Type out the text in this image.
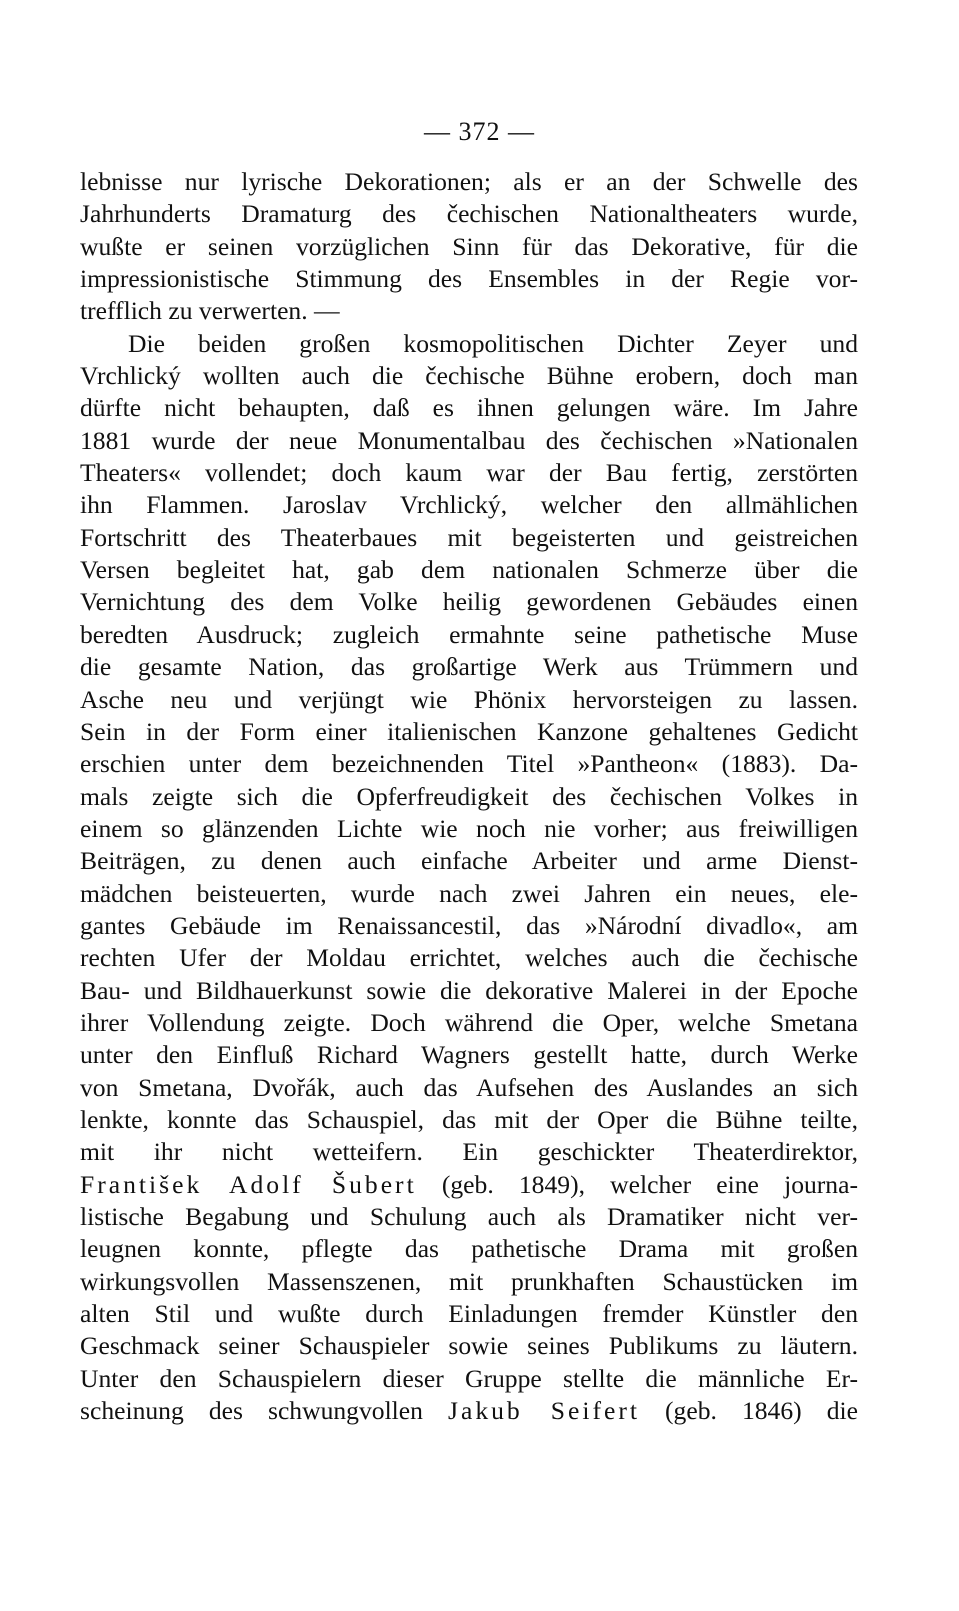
— 372 —
lebnisse nur lyrische Dekorationen; als er an der Schwelle des
Jahrhunderts Dramaturg des čechischen Nationaltheaters wurde,
wußte er seinen vorzüglichen Sinn für das Dekorative, für die
impressionistische Stimmung des Ensembles in der Regie vor-
trefflich zu verwerten. —
Die beiden großen kosmopolitischen Dichter Zeyer und
Vrchlický wollten auch die čechische Bühne erobern, doch man
dürfte nicht behaupten, daß es ihnen gelungen wäre. Im Jahre
1881 wurde der neue Monumentalbau des čechischen »Nationalen
Theaters« vollendet; doch kaum war der Bau fertig, zerstörten
ihn Flammen. Jaroslav Vrchlický, welcher den allmählichen
Fortschritt des Theaterbaues mit begeisterten und geistreichen
Versen begleitet hat, gab dem nationalen Schmerze über die
Vernichtung des dem Volke heilig gewordenen Gebäudes einen
beredten Ausdruck; zugleich ermahnte seine pathetische Muse
die gesamte Nation, das großartige Werk aus Trümmern und
Asche neu und verjüngt wie Phönix hervorsteigen zu lassen.
Sein in der Form einer italienischen Kanzone gehaltenes Gedicht
erschien unter dem bezeichnenden Titel »Pantheon« (1883). Da-
mals zeigte sich die Opferfreudigkeit des čechischen Volkes in
einem so glänzenden Lichte wie noch nie vorher; aus freiwilligen
Beiträgen, zu denen auch einfache Arbeiter und arme Dienst-
mädchen beisteuerten, wurde nach zwei Jahren ein neues, ele-
gantes Gebäude im Renaissancestil, das »Národní divadlo«, am
rechten Ufer der Moldau errichtet, welches auch die čechische
Bau- und Bildhauerkunst sowie die dekorative Malerei in der Epoche
ihrer Vollendung zeigte. Doch während die Oper, welche Smetana
unter den Einfluß Richard Wagners gestellt hatte, durch Werke
von Smetana, Dvořák, auch das Aufsehen des Auslandes an sich
lenkte, konnte das Schauspiel, das mit der Oper die Bühne teilte,
mit ihr nicht wetteifern. Ein geschickter Theaterdirektor,
František Adolf Šubert (geb. 1849), welcher eine journa-
listische Begabung und Schulung auch als Dramatiker nicht ver-
leugnen konnte, pflegte das pathetische Drama mit großen
wirkungsvollen Massenszenen, mit prunkhaften Schaustücken im
alten Stil und wußte durch Einladungen fremder Künstler den
Geschmack seiner Schauspieler sowie seines Publikums zu läutern.
Unter den Schauspielern dieser Gruppe stellte die männliche Er-
scheinung des schwungvollen Jakub Seifert (geb. 1846) die
